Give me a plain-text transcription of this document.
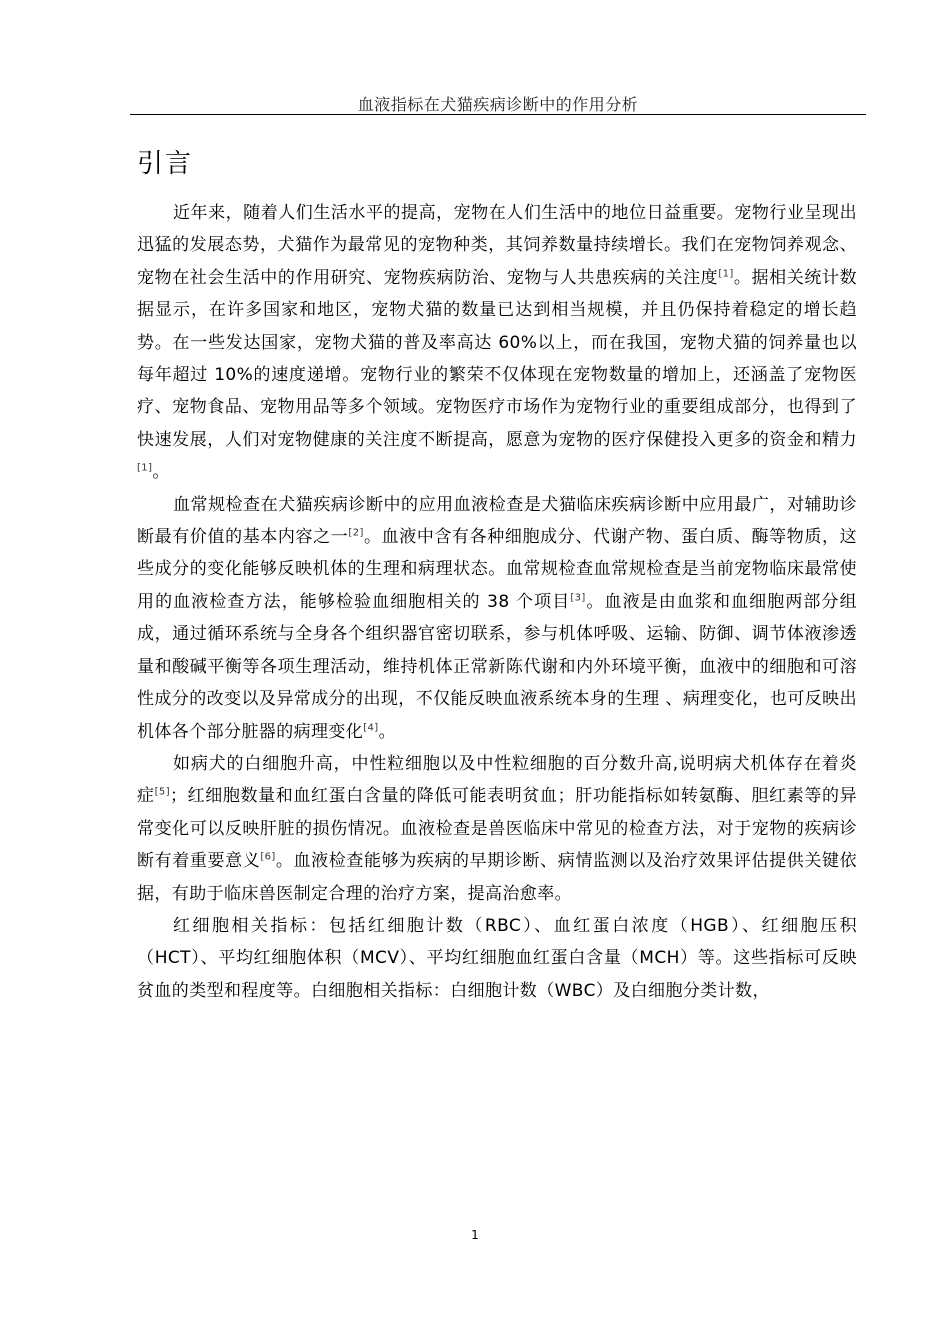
血液指标在犬猫疾病诊断中的作用分析
引言

近年来，随着人们生活水平的提高，宠物在人们生活中的地位日益重要。宠物行业呈现出迅猛的发展态势，犬猫作为最常见的宠物种类，其饲养数量持续增长。我们在宠物饲养观念、宠物在社会生活中的作用研究、宠物疾病防治、宠物与人共患疾病的关注度[1]。据相关统计数据显示，在许多国家和地区，宠物犬猫的数量已达到相当规模，并且仍保持着稳定的增长趋势。在一些发达国家，宠物犬猫的普及率高达 60%以上，而在我国，宠物犬猫的饲养量也以每年超过 10%的速度递增。宠物行业的繁荣不仅体现在宠物数量的增加上，还涵盖了宠物医疗、宠物食品、宠物用品等多个领域。宠物医疗市场作为宠物行业的重要组成部分，也得到了快速发展，人们对宠物健康的关注度不断提高，愿意为宠物的医疗保健投入更多的资金和精力[1]。

血常规检查在犬猫疾病诊断中的应用血液检查是犬猫临床疾病诊断中应用最广，对辅助诊断最有价值的基本内容之一[2]。血液中含有各种细胞成分、代谢产物、蛋白质、酶等物质，这些成分的变化能够反映机体的生理和病理状态。血常规检查血常规检查是当前宠物临床最常使用的血液检查方法，能够检验血细胞相关的 38 个项目[3]。血液是由血浆和血细胞两部分组成，通过循环系统与全身各个组织器官密切联系，参与机体呼吸、运输、防御、调节体液渗透量和酸碱平衡等各项生理活动，维持机体正常新陈代谢和内外环境平衡，血液中的细胞和可溶性成分的改变以及异常成分的出现，不仅能反映血液系统本身的生理 、病理变化，也可反映出机体各个部分脏器的病理变化[4]。

如病犬的白细胞升高，中性粒细胞以及中性粒细胞的百分数升高,说明病犬机体存在着炎症[5]；红细胞数量和血红蛋白含量的降低可能表明贫血；肝功能指标如转氨酶、胆红素等的异常变化可以反映肝脏的损伤情况。血液检查是兽医临床中常见的检查方法，对于宠物的疾病诊断有着重要意义[6]。血液检查能够为疾病的早期诊断、病情监测以及治疗效果评估提供关键依据，有助于临床兽医制定合理的治疗方案，提高治愈率。

红细胞相关指标：包括红细胞计数（RBC）、血红蛋白浓度（HGB）、红细胞压积（HCT）、平均红细胞体积（MCV）、平均红细胞血红蛋白含量（MCH）等。这些指标可反映贫血的类型和程度等。白细胞相关指标：白细胞计数（WBC）及白细胞分类计数，

1
